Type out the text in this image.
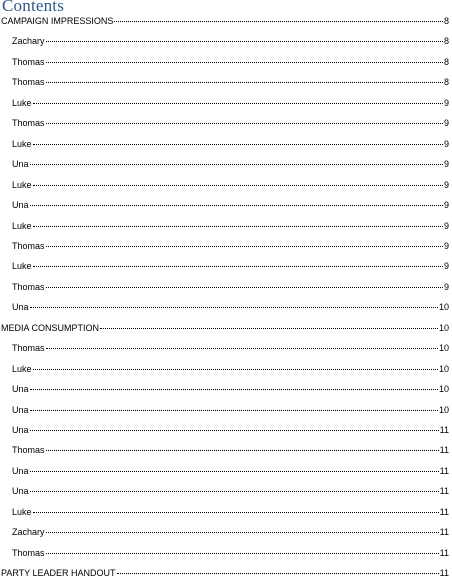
Contents
CAMPAIGN IMPRESSIONS	8
Zachary	8
Thomas	8
Thomas	8
Luke	9
Thomas	9
Luke	9
Una	9
Luke	9
Una	9
Luke	9
Thomas	9
Luke	9
Thomas	9
Una	10
MEDIA CONSUMPTION	10
Thomas	10
Luke	10
Una	10
Una	10
Una	11
Thomas	11
Una	11
Una	11
Luke	11
Zachary	11
Thomas	11
PARTY LEADER HANDOUT	11
